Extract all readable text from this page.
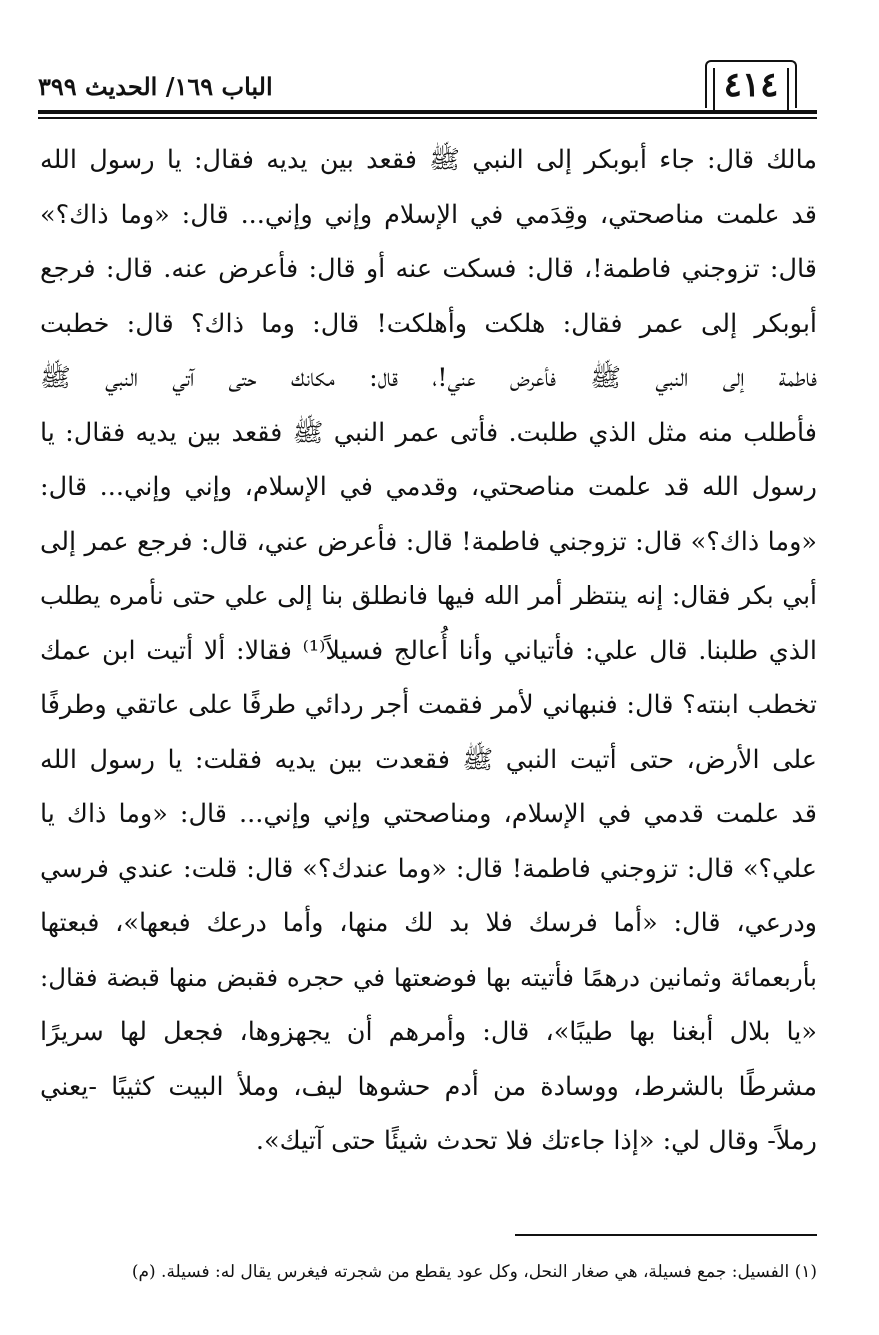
٤١٤
الباب ١٦٩/ الحديث ٣٩٩
مالك قال: جاء أبوبكر إلى النبي ﷺ فقعد بين يديه فقال: يا رسول الله
قد علمت مناصحتي، وقِدَمي في الإسلام وإني وإني... قال: «وما ذاك؟»
قال: تزوجني فاطمة!، قال: فسكت عنه أو قال: فأعرض عنه. قال: فرجع
أبوبكر إلى عمر فقال: هلكت وأهلكت! قال: وما ذاك؟ قال: خطبت
فاطمة إلى النبي ﷺ فأعرض عني!، قال: مكانك حتى آتي النبي ﷺ
فأطلب منه مثل الذي طلبت. فأتى عمر النبي ﷺ فقعد بين يديه فقال: يا
رسول الله قد علمت مناصحتي، وقدمي في الإسلام، وإني وإني... قال:
«وما ذاك؟» قال: تزوجني فاطمة! قال: فأعرض عني، قال: فرجع عمر إلى
أبي بكر فقال: إنه ينتظر أمر الله فيها فانطلق بنا إلى علي حتى نأمره يطلب
الذي طلبنا. قال علي: فأتياني وأنا أُعالج فسيلاً⁽¹⁾ فقالا: ألا أتيت ابن عمك
تخطب ابنته؟ قال: فنبهاني لأمر فقمت أجر ردائي طرفًا على عاتقي وطرفًا
على الأرض، حتى أتيت النبي ﷺ فقعدت بين يديه فقلت: يا رسول الله
قد علمت قدمي في الإسلام، ومناصحتي وإني وإني... قال: «وما ذاك يا
علي؟» قال: تزوجني فاطمة! قال: «وما عندك؟» قال: قلت: عندي فرسي
ودرعي، قال: «أما فرسك فلا بد لك منها، وأما درعك فبعها»، فبعتها
بأربعمائة وثمانين درهمًا فأتيته بها فوضعتها في حجره فقبض منها قبضة فقال:
«يا بلال أبغنا بها طيبًا»، قال: وأمرهم أن يجهزوها، فجعل لها سريرًا
مشرطًا بالشرط، ووسادة من أدم حشوها ليف، وملأ البيت كثيبًا -يعني
رملاً- وقال لي: «إذا جاءتك فلا تحدث شيئًا حتى آتيك».
(١) الفسيل: جمع فسيلة، هي صغار النحل، وكل عود يقطع من شجرته فيغرس يقال له: فسيلة. (م)
